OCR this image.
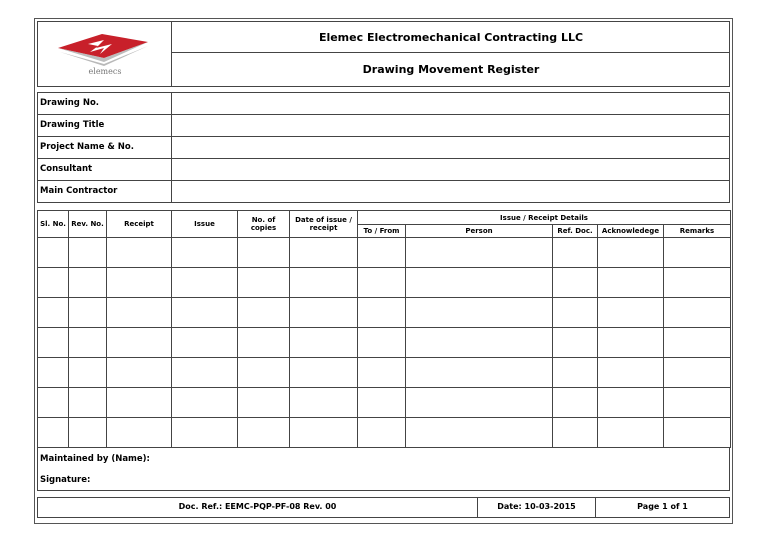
elemecs
Elemec Electromechanical Contracting LLC
Drawing Movement Register
Drawing No.
Drawing Title
Project Name & No.
Consultant
Main Contractor
Sl. No.	Rev. No.	Receipt	Issue	No. of copies	Date of issue / receipt	Issue / Receipt Details				
						To / From	Person	Ref. Doc.	Acknowledege	Remarks

Maintained by (Name):
Signature:
Doc. Ref.: EEMC-PQP-PF-08 Rev. 00	Date: 10-03-2015	Page 1 of 1
